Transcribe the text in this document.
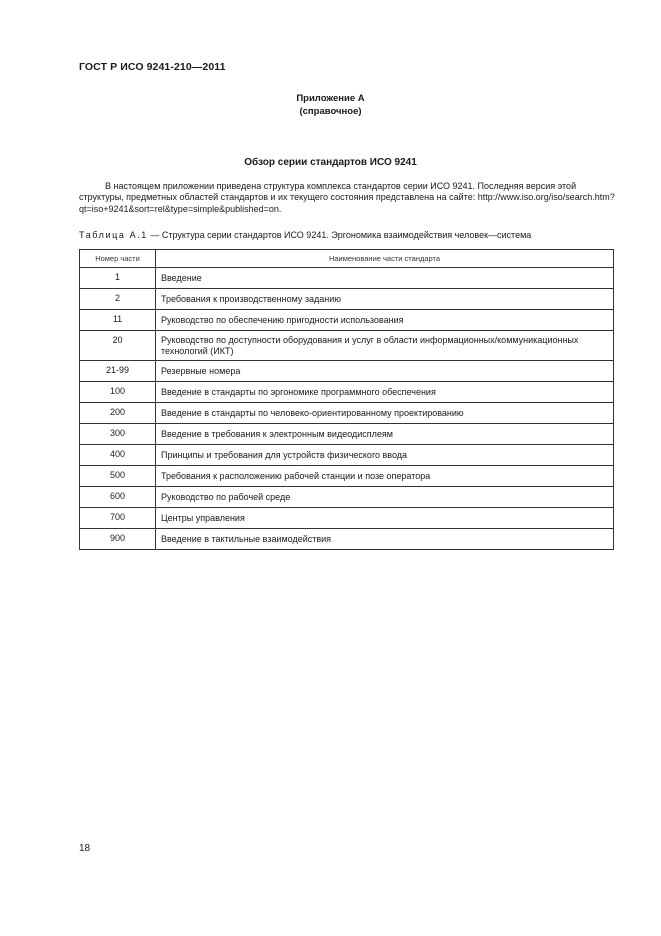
ГОСТ Р ИСО 9241-210—2011
Приложение А
(справочное)
Обзор серии стандартов ИСО 9241

В настоящем приложении приведена структура комплекса стандартов серии ИСО 9241. Последняя версия этой структуры, предметных областей стандартов и их текущего состояния представлена на сайте: http://www.iso.org/iso/search.htm?qt=iso+9241&sort=rel&type=simple&published=on.

Таблица А.1 — Структура серии стандартов ИСО 9241. Эргономика взаимодействия человек—система
Номер части	Наименование части стандарта
1	Введение
2	Требования к производственному заданию
11	Руководство по обеспечению пригодности использования
20	Руководство по доступности оборудования и услуг в области информационных/коммуникационных технологий (ИКТ)
21-99	Резервные номера
100	Введение в стандарты по эргономике программного обеспечения
200	Введение в стандарты по человеко-ориентированному проектированию
300	Введение в требования к электронным видеодисплеям
400	Принципы и требования для устройств физического ввода
500	Требования к расположению рабочей станции и позе оператора
600	Руководство по рабочей среде
700	Центры управления
900	Введение в тактильные взаимодействия
18
